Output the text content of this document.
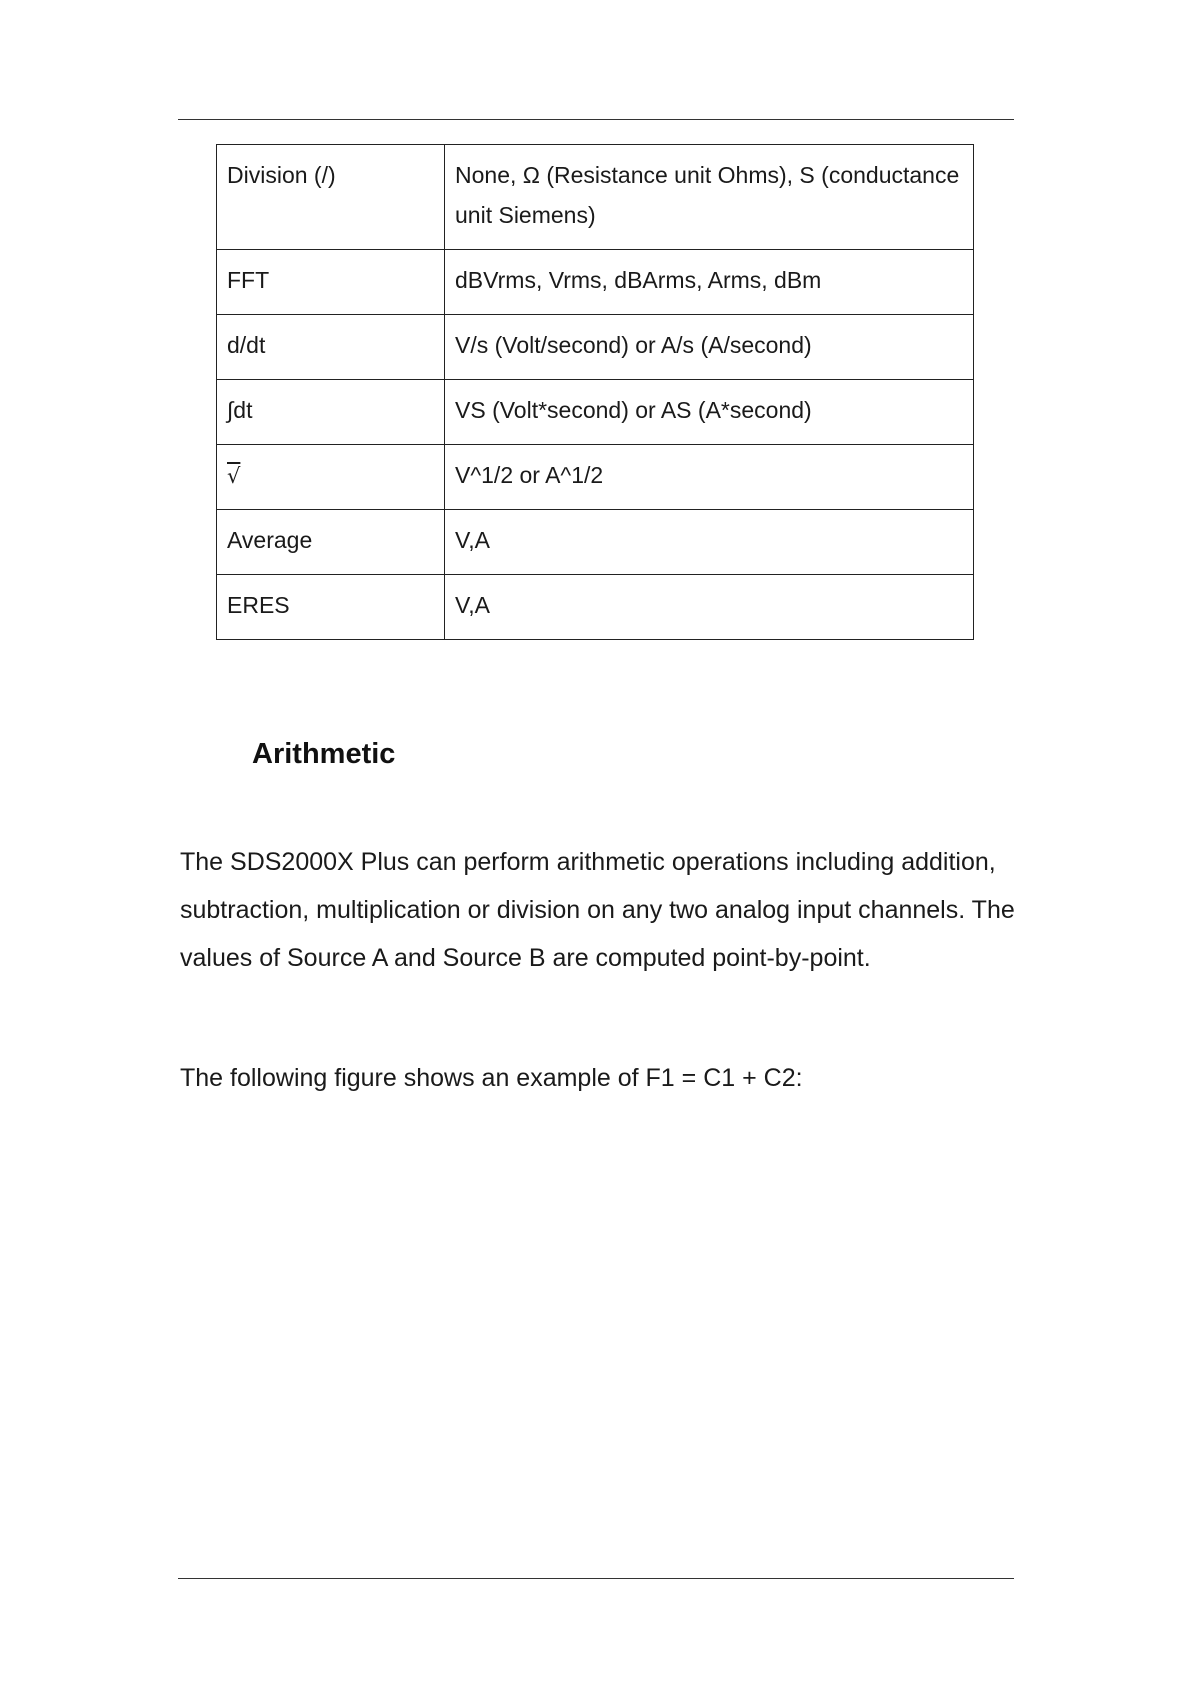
Division (/)	None, Ω (Resistance unit Ohms), S (conductance unit Siemens)
FFT	dBVrms, Vrms, dBArms, Arms, dBm
d/dt	V/s (Volt/second) or A/s (A/second)
∫dt	VS (Volt*second) or AS (A*second)
√	V^1/2 or A^1/2
Average	V,A
ERES	V,A
Arithmetic

The SDS2000X Plus can perform arithmetic operations including addition, subtraction, multiplication or division on any two analog input channels. The values of Source A and Source B are computed point-by-point.

The following figure shows an example of F1 = C1 + C2:
